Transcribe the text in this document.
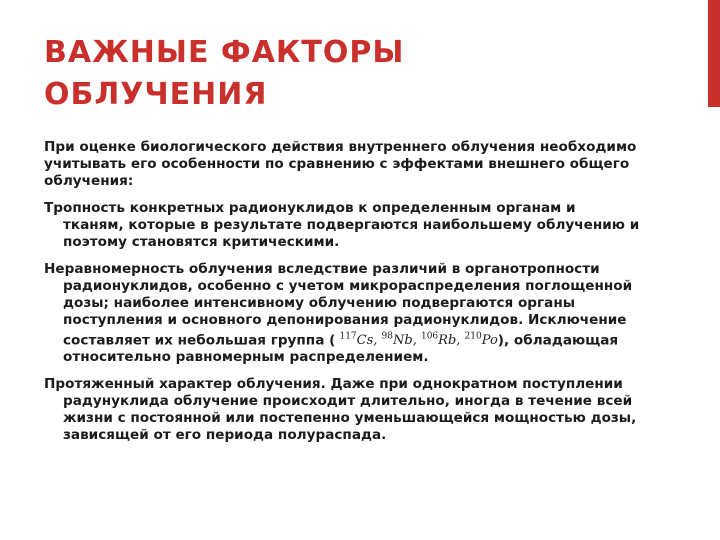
ВАЖНЫЕ ФАКТОРЫ
ОБЛУЧЕНИЯ

При оценке биологического действия внутреннего облучения необходимо учитывать его особенности по сравнению с эффектами внешнего общего облучения:

Тропность конкретных радионуклидов к определенным органам и тканям, которые в результате подвергаются наибольшему облучению и поэтому становятся критическими.

Неравномерность облучения вследствие различий в органотропности радионуклидов, особенно с учетом микрораспределения поглощенной дозы; наиболее интенсивному облучению подвергаются органы поступления и основного депонирования радионуклидов. Исключение составляет их небольшая группа ( $^{117}$Cs, $^{98}$Nb, $^{106}$Rb, $^{210}$Po), обладающая относительно равномерным распределением.

Протяженный характер облучения. Даже при однократном поступлении радунуклида облучение происходит длительно, иногда в течение всей жизни с постоянной или постепенно уменьшающейся мощностью дозы, зависящей от его периода полураспада.
